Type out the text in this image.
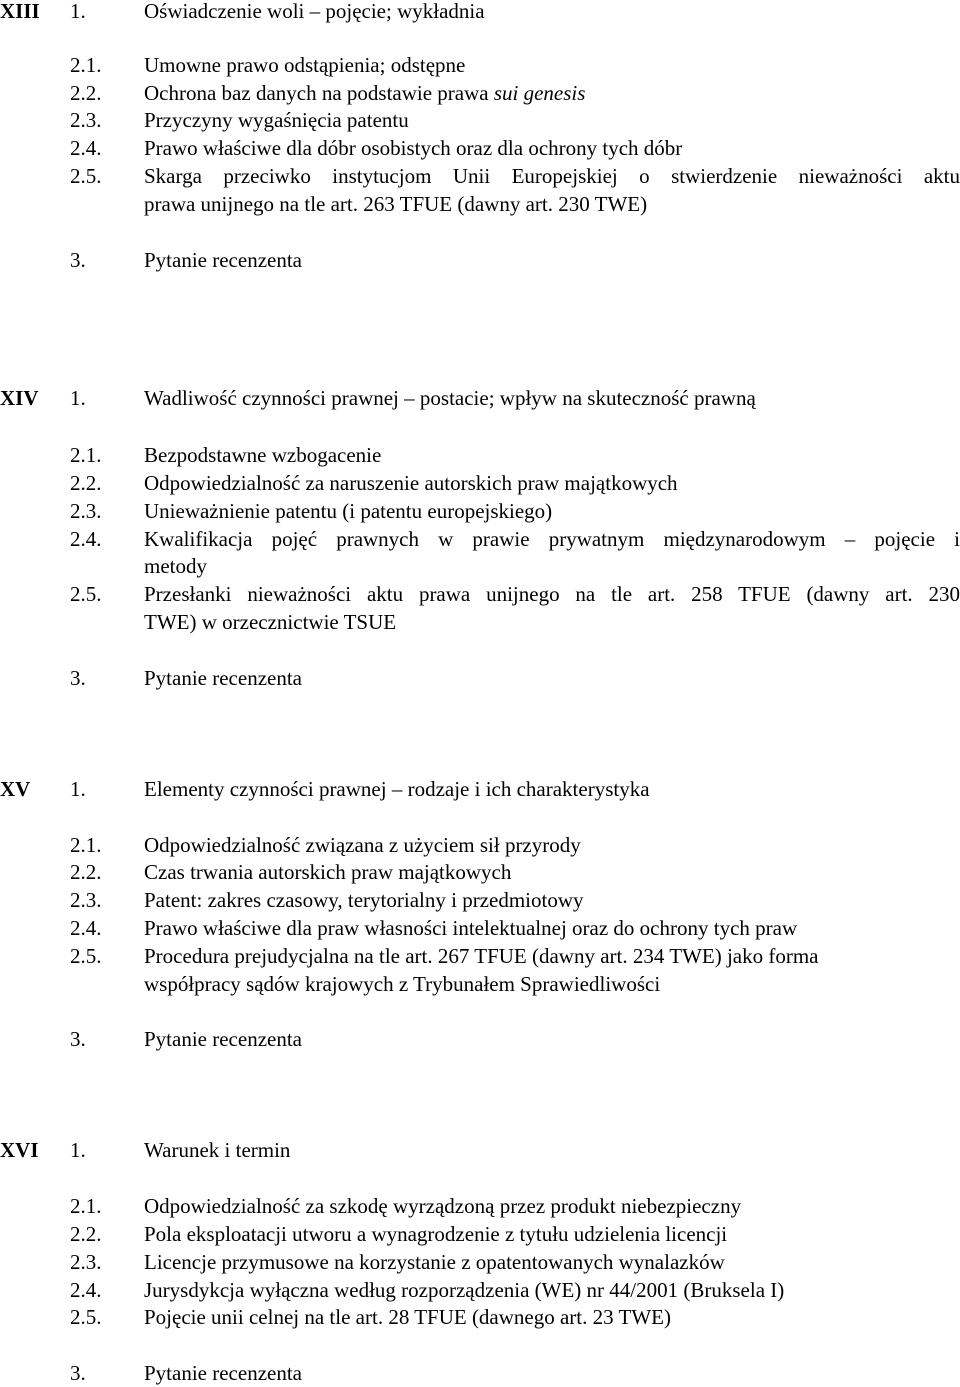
XIII 1.	Oświadczenie woli – pojęcie; wykładnia
2.1. Umowne prawo odstąpienia; odstępne
2.2. Ochrona baz danych na podstawie prawa sui genesis
2.3. Przyczyny wygaśnięcia patentu
2.4. Prawo właściwe dla dóbr osobistych oraz dla ochrony tych dóbr
2.5. Skarga przeciwko instytucjom Unii Europejskiej o stwierdzenie nieważności aktu
prawa unijnego na tle art. 263 TFUE (dawny art. 230 TWE)
3.	Pytanie recenzenta
XIV 1.	Wadliwość czynności prawnej – postacie; wpływ na skuteczność prawną
2.1. Bezpodstawne wzbogacenie
2.2. Odpowiedzialność za naruszenie autorskich praw majątkowych
2.3. Unieważnienie patentu (i patentu europejskiego)
2.4. Kwalifikacja pojęć prawnych w prawie prywatnym międzynarodowym – pojęcie i
metody
2.5. Przesłanki nieważności aktu prawa unijnego na tle art. 258 TFUE (dawny art. 230
TWE) w orzecznictwie TSUE
3.	Pytanie recenzenta
XV 1.	Elementy czynności prawnej – rodzaje i ich charakterystyka
2.1. Odpowiedzialność związana z użyciem sił przyrody
2.2. Czas trwania autorskich praw majątkowych
2.3. Patent: zakres czasowy, terytorialny i przedmiotowy
2.4. Prawo właściwe dla praw własności intelektualnej oraz do ochrony tych praw
2.5. Procedura prejudycjalna na tle art. 267 TFUE (dawny art. 234 TWE) jako forma
współpracy sądów krajowych z Trybunałem Sprawiedliwości
3.	Pytanie recenzenta
XVI 1.	Warunek i termin
2.1. Odpowiedzialność za szkodę wyrządzoną przez produkt niebezpieczny
2.2. Pola eksploatacji utworu a wynagrodzenie z tytułu udzielenia licencji
2.3. Licencje przymusowe na korzystanie z opatentowanych wynalazków
2.4. Jurysdykcja wyłączna według rozporządzenia (WE) nr 44/2001 (Bruksela I)
2.5. Pojęcie unii celnej na tle art. 28 TFUE (dawnego art. 23 TWE)
3.	Pytanie recenzenta
